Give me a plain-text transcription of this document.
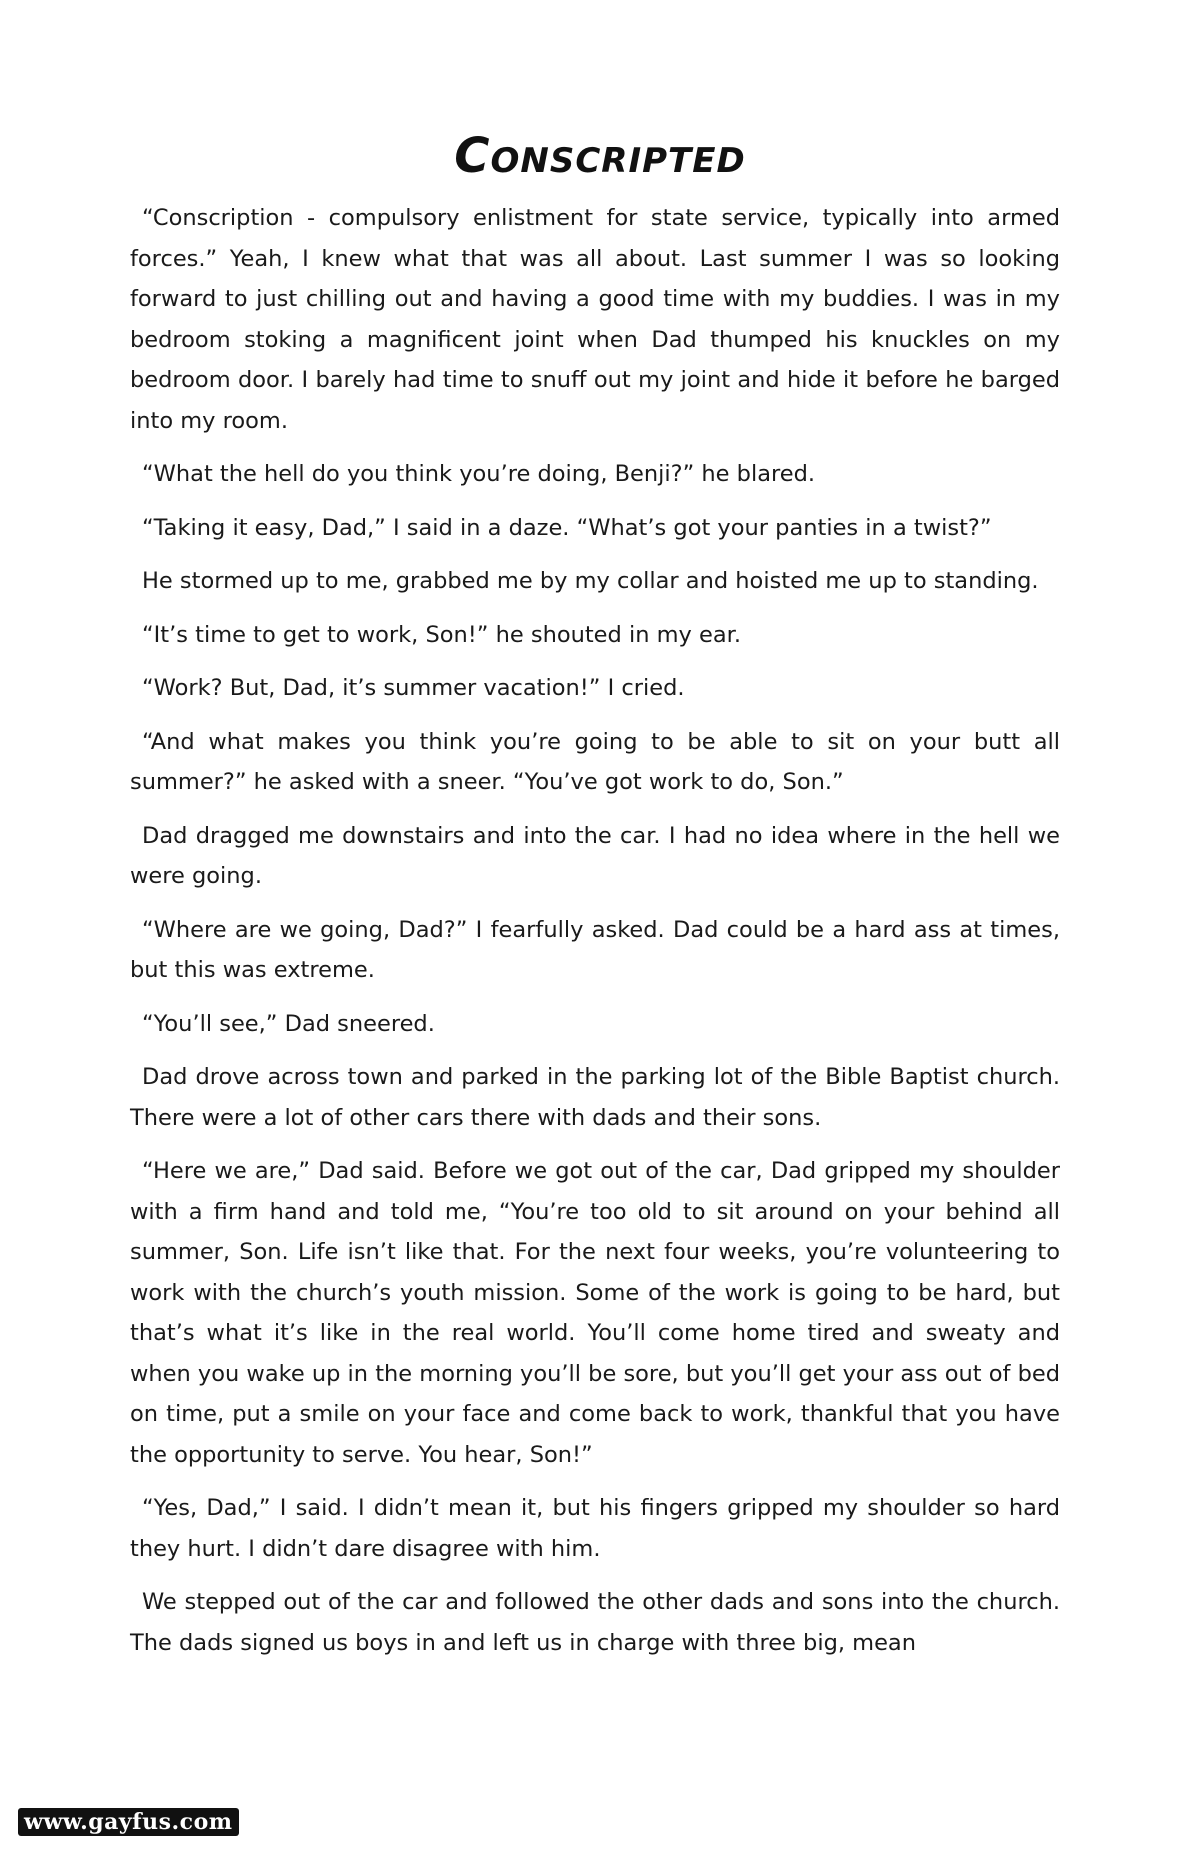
Conscripted

“Conscription - compulsory enlistment for state service, typically into armed forces.” Yeah, I knew what that was all about. Last summer I was so looking forward to just chilling out and having a good time with my buddies. I was in my bedroom stoking a magnificent joint when Dad thumped his knuckles on my bedroom door. I barely had time to snuff out my joint and hide it before he barged into my room.

“What the hell do you think you’re doing, Benji?” he blared.

“Taking it easy, Dad,” I said in a daze. “What’s got your panties in a twist?”

He stormed up to me, grabbed me by my collar and hoisted me up to standing.

“It’s time to get to work, Son!” he shouted in my ear.

“Work? But, Dad, it’s summer vacation!” I cried.

“And what makes you think you’re going to be able to sit on your butt all summer?” he asked with a sneer. “You’ve got work to do, Son.”

Dad dragged me downstairs and into the car. I had no idea where in the hell we were going.

“Where are we going, Dad?” I fearfully asked. Dad could be a hard ass at times, but this was extreme.

“You’ll see,” Dad sneered.

Dad drove across town and parked in the parking lot of the Bible Baptist church. There were a lot of other cars there with dads and their sons.

“Here we are,” Dad said. Before we got out of the car, Dad gripped my shoulder with a firm hand and told me, “You’re too old to sit around on your behind all summer, Son. Life isn’t like that. For the next four weeks, you’re volunteering to work with the church’s youth mission. Some of the work is going to be hard, but that’s what it’s like in the real world. You’ll come home tired and sweaty and when you wake up in the morning you’ll be sore, but you’ll get your ass out of bed on time, put a smile on your face and come back to work, thankful that you have the opportunity to serve. You hear, Son!”

“Yes, Dad,” I said. I didn’t mean it, but his fingers gripped my shoulder so hard they hurt. I didn’t dare disagree with him.

We stepped out of the car and followed the other dads and sons into the church. The dads signed us boys in and left us in charge with three big, mean

www.gayfus.com
